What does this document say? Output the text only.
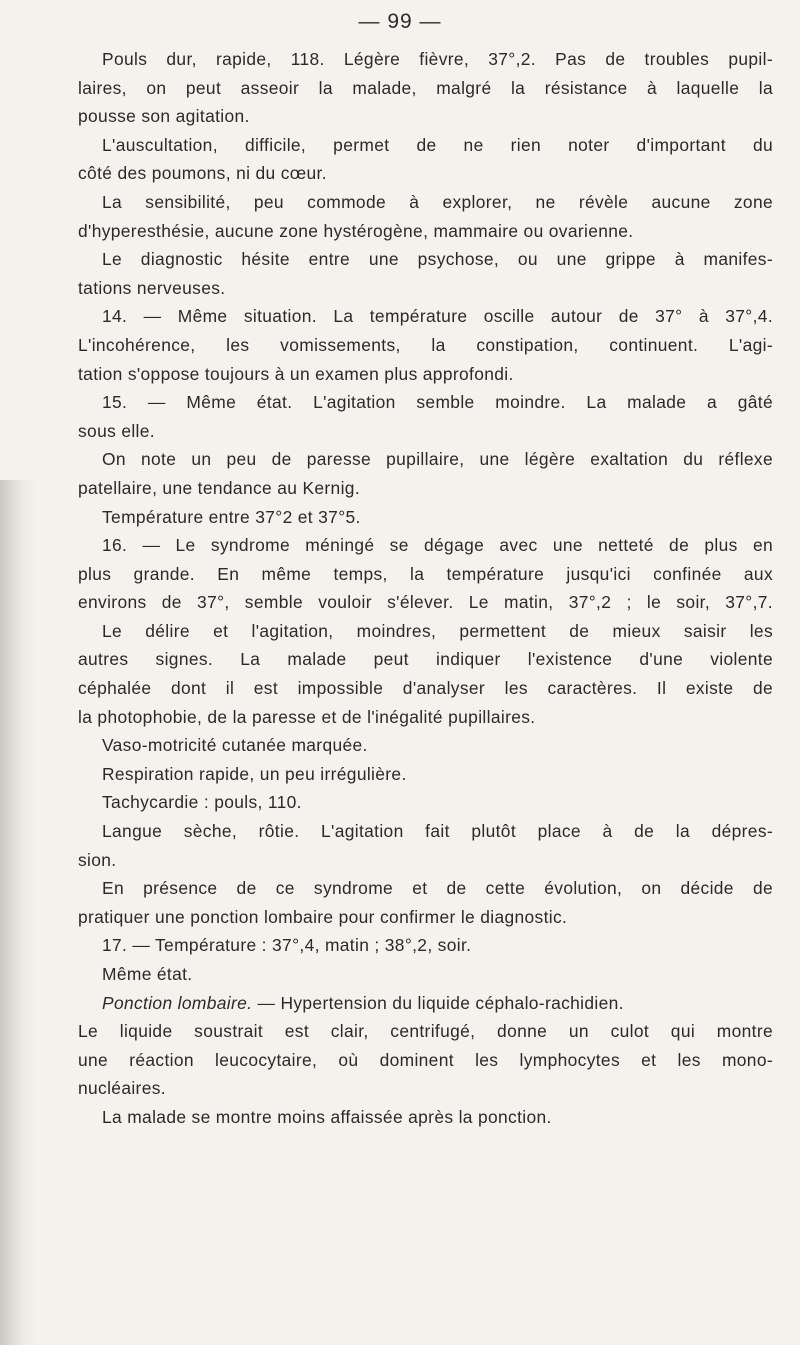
— 99 —
Pouls dur, rapide, 118. Légère fièvre, 37°,2. Pas de troubles pupil-
laires, on peut asseoir la malade, malgré la résistance à laquelle la
pousse son agitation.
L'auscultation, difficile, permet de ne rien noter d'important du
côté des poumons, ni du cœur.
La sensibilité, peu commode à explorer, ne révèle aucune zone
d'hyperesthésie, aucune zone hystérogène, mammaire ou ovarienne.
Le diagnostic hésite entre une psychose, ou une grippe à manifes-
tations nerveuses.
14. — Même situation. La température oscille autour de 37° à 37°,4.
L'incohérence, les vomissements, la constipation, continuent. L'agi-
tation s'oppose toujours à un examen plus approfondi.
15. — Même état. L'agitation semble moindre. La malade a gâté
sous elle.
On note un peu de paresse pupillaire, une légère exaltation du réflexe
patellaire, une tendance au Kernig.
Température entre 37°2 et 37°5.
16. — Le syndrome méningé se dégage avec une netteté de plus en
plus grande. En même temps, la température jusqu'ici confinée aux
environs de 37°, semble vouloir s'élever. Le matin, 37°,2 ; le soir, 37°,7.
Le délire et l'agitation, moindres, permettent de mieux saisir les
autres signes. La malade peut indiquer l'existence d'une violente
céphalée dont il est impossible d'analyser les caractères. Il existe de
la photophobie, de la paresse et de l'inégalité pupillaires.
Vaso-motricité cutanée marquée.
Respiration rapide, un peu irrégulière.
Tachycardie : pouls, 110.
Langue sèche, rôtie. L'agitation fait plutôt place à de la dépres-
sion.
En présence de ce syndrome et de cette évolution, on décide de
pratiquer une ponction lombaire pour confirmer le diagnostic.
17. — Température : 37°,4, matin ; 38°,2, soir.
Même état.
Ponction lombaire. — Hypertension du liquide céphalo-rachidien.
Le liquide soustrait est clair, centrifugé, donne un culot qui montre
une réaction leucocytaire, où dominent les lymphocytes et les mono-
nucléaires.
La malade se montre moins affaissée après la ponction.
